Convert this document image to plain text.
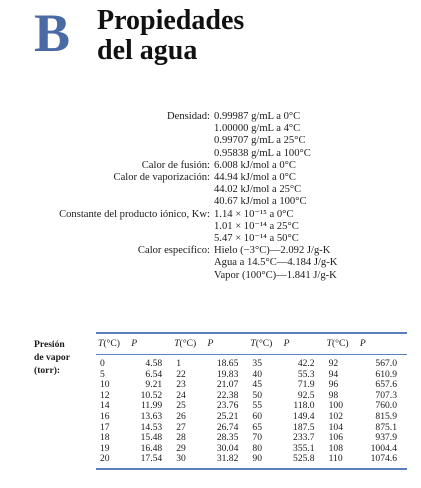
B Propiedades
del agua
Densidad: 0.99987 g/mL a 0°C
1.00000 g/mL a 4°C
0.99707 g/mL a 25°C
0.95838 g/mL a 100°C
Calor de fusión: 6.008 kJ/mol a 0°C
Calor de vaporización: 44.94 kJ/mol a 0°C
44.02 kJ/mol a 25°C
40.67 kJ/mol a 100°C
Constante del producto iónico, Kw: 1.14 × 10⁻¹⁵ a 0°C
1.01 × 10⁻¹⁴ a 25°C
5.47 × 10⁻¹⁴ a 50°C
Calor específico: Hielo (−3°C)—2.092 J/g-K
Agua a 14.5°C—4.184 J/g-K
Vapor (100°C)—1.841 J/g-K
Presión
de vapor
(torr):
T(°C)	P	T(°C)	P	T(°C)	P	T(°C)	P
0	4.58	1	18.65	35	42.2	92	567.0
5	6.54	22	19.83	40	55.3	94	610.9
10	9.21	23	21.07	45	71.9	96	657.6
12	10.52	24	22.38	50	92.5	98	707.3
14	11.99	25	23.76	55	118.0	100	760.0
16	13.63	26	25.21	60	149.4	102	815.9
17	14.53	27	26.74	65	187.5	104	875.1
18	15.48	28	28.35	70	233.7	106	937.9
19	16.48	29	30.04	80	355.1	108	1004.4
20	17.54	30	31.82	90	525.8	110	1074.6
